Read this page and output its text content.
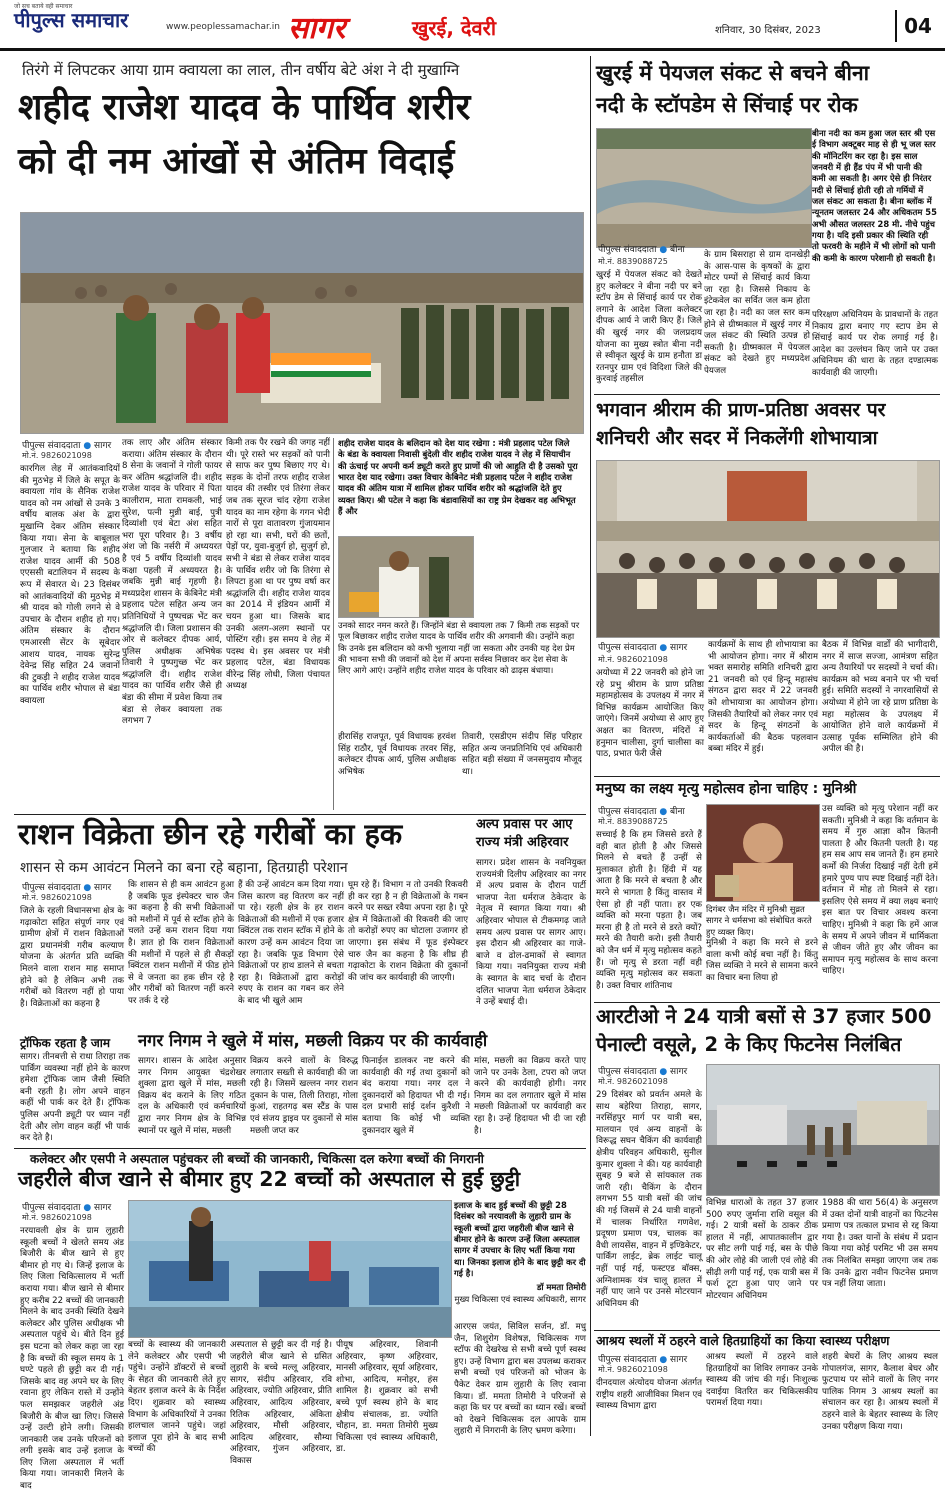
जो सच बताये वही समाचार
पीपुल्स समाचार	www.peoplessamachar.in सागर	खुरई, देवरी	शनिवार, 30 दिसंबर, 2023	04
तिरंगे में लिपटकर आया ग्राम क्वायला का लाल, तीन वर्षीय बेटे अंश ने दी मुखाग्नि
शहीद राजेश यादव के पार्थिव शरीर
को दी नम आंखों से अंतिम विदाई
पीपुल्स संवाददाता ● सागर
मो.नं. 9826021098
कारगिल लेह में आतंकवादियों की मुठभेड़ में जिले के सपूत के क्वायला गांव के सैनिक राजेश यादव को नम आंखों से उनके 3 वर्षीय बालक अंश के द्वारा मुखाग्नि देकर अंतिम संस्कार किया गया। सेना के बाबूलाल गुलजार ने बताया कि शहीद राजेश यादव आर्मी की 508 एएससी बटालियन में सदस्य के रूप में सेवारत थे। 23 दिसंबर को आतंकवादियों की मुठभेड़ में श्री यादव को गोली लगने से वे उपचार के दौरान शहीद हो गए। अंतिम संस्कार के दौरान एमआरसी सेंटर के सूबेदार आशय यादव, नायक सुरेन्द्र देवेन्द्र सिंह सहित 24 जवानों की टुकड़ी ने शहीद राजेश यादव का पार्थिव शरीर भोपाल से बंडा क्वायला
तक लाए और अंतिम संस्कार कराया। अंतिम संस्कार के दौरान 8 सेना के जवानों ने गोली फायर कर अंतिम श्रद्धांजलि दी। शहीद राजेश यादव के परिवार में पिता कालीराम, माता रामकली, भाई सुरेश, पत्नी मुन्नी बाई, पुत्री दिव्यांशी एवं बेटा अंश सहित भरा पूरा परिवार है। 3 वर्षीय अंश जो कि नर्सरी में अध्ययरत है एवं 5 वर्षीय दिव्यांशी यादव कक्षा पहली में अध्ययरत है। जबकि मुन्नी बाई गृहणी है। मध्यप्रदेश शासन के केबिनेट मंत्री प्रहलाद पटेल सहित अन्य जन प्रतिनिधियों ने पुष्पचक्र भेंट कर श्रद्धांजलि दी। जिला प्रशासन की ओर से कलेक्टर दीपक आर्य, पुलिस अधीक्षक अभिषेक तिवारी ने पुष्पगुच्छ भेंट कर श्रद्धांजलि दी। शहीद राजेश यादव का पार्थिव शरीर जैसे ही बंडा की सीमा में प्रवेश किया तब बंडा से लेकर क्वायला तक लगभग 7
किमी तक पैर रखने की जगह नहीं थी। पूरे रास्ते भर सड़कों को पानी से साफ कर पुष्प बिछाए गए थे। सड़क के दोनों तरफ शहीद राजेश यादव की तस्वीर एवं तिरंगा लेकर जब तक सूरज चांद रहेगा राजेश यादव का नाम रहेगा के गगन भेदी नारों से पूरा वातावरण गुंजायमान हो रहा था। सभी, घरों की छतों, पेड़ों पर, युवा-बुजुर्ग हो, सुजुर्ग हो, सभी ने बंडा से लेकर राजेश यादव के पार्थिव शरीर जो कि तिरंगा से लिपटा हुआ था पर पुष्प वर्षा कर श्रद्धांजलि दी। शहीद राजेश यादव का 2014 में इंडियन आर्मी में चयन हुआ था। जिसके बाद उनकी अलग-अलग स्थानों पर पोस्टिंग रही। इस समय वे लेह में पदस्थ थे। इस अवसर पर मंत्री प्रहलाद पटेल, बंडा विधायक वीरेन्द्र सिंह लोधी, जिला पंचायत अध्यक्ष
शहीद राजेश यादव के बलिदान को देश याद रखेगा : मंत्री प्रहलाद पटेल जिले के बंडा के क्वायला निवासी बुंदेली वीर शहीद राजेश यादव ने लेह में सियाचीन की ऊंचाई पर अपनी कर्म ड्यूटी करते हुए प्राणों की जो आहुति दी है उसको पूरा भारत देश याद रखेगा। उक्त विचार केबिनेट मंत्री प्रहलाद पटेल ने शहीद राजेश यादव की अंतिम यात्रा में शामिल होकर पार्थिव शरीर को श्रद्धांजलि देते हुए व्यक्त किए। श्री पटेल ने कहा कि बंडावासियों का राष्ट्र प्रेम देखकर वह अभिभूत हैं और
उनको सादर नमन करते हैं। जिन्होंने बंडा से क्वायला तक 7 किमी तक सड़कों पर फूल बिछाकर शहीद राजेश यादव के पार्थिव शरीर की अगवानी की। उन्होंने कहा कि उनके इस बलिदान को कभी भुलाया नहीं जा सकता और उनकी यह देश प्रेम की भावना सभी की जवानों को देश में अपना सर्वस्व निछावर कर देश सेवा के लिए आगे आएं। उन्होंने शहीद राजेश यादव के परिवार को ढाढ़स बंधाया।
हीरासिंह राजपूत, पूर्व विधायक हरवंश सिंह राठौर, पूर्व विधायक तरवर सिंह, कलेक्टर दीपक आर्य, पुलिस अधीक्षक अभिषेक
तिवारी, एसडीएम संदीप सिंह परिहार सहित अन्य जनप्रतिनिधि एवं अधिकारी सहित बड़ी संख्या में जनसमुदाय मौजूद था।
खुरई में पेयजल संकट से बचने बीना
नदी के स्टॉपडेम से सिंचाई पर रोक
बीना नदी का कम हुआ जल स्तर श्री एस ई विभाग अक्टूबर माह से ही भू जल स्तर की मॉनिटरिंग कर रहा है। इस साल जनवरी में ही हैंड पंप में भी पानी की कमी आ सकती है। अगर ऐसे ही निरंतर नदी से सिंचाई होती रही तो गर्मियों में जल संकट आ सकता है। बीना ब्लॉक में न्यूनतम जलस्तर 24 और अधिकतम 55 अभी औसत जलस्तर 28 मी. नीचे पहुंच गया है। यदि इसी प्रकार की स्थिति रही तो फरवरी के महीने में भी लोगों को पानी की कमी के कारण परेशानी हो सकती है।
पीपुल्स संवाददाता ● बीना
मो.नं. 8839088725
खुरई में पेयजल संकट को देखते हुए कलेक्टर ने बीना नदी पर बने स्टॉप डेम से सिंचाई कार्य पर रोक लगाने के आदेश जिला कलेक्टर दीपक आर्य ने जारी किए हैं। जिले की खुरई नगर की जलप्रदाय योजना का मुख्य स्त्रोत बीना नदी से स्वीकृत खुरई के ग्राम हनौता डा रतनपुर ग्राम एवं विदिशा जिले की कुरवाई तहसील
के ग्राम बिसराहा से ग्राम दानखेड़ी के आस-पास के कृषकों के द्वारा मोटर पम्पों से सिंचाई कार्य किया जा रहा है। जिससे निकाय के इंटेकवेल का सर्वित जल कम होता जा रहा है। नदी का जल स्तर कम होने से ग्रीष्मकाल में खुरई नगर में जल संकट की स्थिति उत्पन्न हो सकती है। ग्रीष्मकाल में पेयजल संकट को देखते हुए मध्यप्रदेश पेयजल
परिरक्षण अधिनियम के प्रावधानों के तहत निकाय द्वारा बनाए गए स्टाप डेम से सिंचाई कार्य पर रोक लगाई गई है। आदेश का उल्लंघन किए जाने पर उक्त अधिनियम की धारा के तहत दण्डात्मक कार्यवाही की जाएगी।
भगवान श्रीराम की प्राण-प्रतिष्ठा अवसर पर
शनिचरी और सदर में निकलेंगी शोभायात्रा
पीपुल्स संवाददाता ● सागर
मो.नं. 9826021098
अयोध्या में 22 जनवरी को होने जा रहे प्रभु श्रीराम के प्राण प्रतिष्ठा महामहोत्सव के उपलक्ष्य में नगर में विभिन्न कार्यक्रम आयोजित किए जाएंगे। जिनमें अयोध्या से आए हुए अक्षत का वितरण, मंदिरों में हनुमान चालीसा, दुर्गा चालीसा का पाठ, प्रभात फेरी जैसे
कार्यक्रमों के साथ ही शोभायात्रा का भी आयोजन होगा। नगर में श्रीराम भक्त समारोह समिति शनिचरी द्वारा 21 जनवरी को एवं हिन्दू महासंघ संगठन द्वारा सदर में 22 जनवरी को शोभायात्रा का आयोजन होगा। जिसकी तैयारियों को लेकर नगर एवं सदर के हिन्दू संगठनों के कार्यकर्ताओं की बैठक पहलवान बब्बा मंदिर में हुई।
बैठक में विभिन्न वार्डों की भागीदारी, नगर में साज सज्जा, आमंत्रण सहित अन्य तैयारियों पर सदस्यों ने चर्चा की। कार्यक्रम को भव्य बनाने पर भी चर्चा हुई। समिति सदस्यों ने नगरवासियों से अयोध्या में होने जा रहे प्राण प्रतिष्ठा के महा महोत्सव के उपलक्ष्य में आयोजित होने वाले कार्यक्रमों में उत्साह पूर्वक सम्मिलित होने की अपील की है।
मनुष्य का लक्ष्य मृत्यु महोत्सव होना चाहिए : मुनिश्री
पीपुल्स संवाददाता ● बीना
मो.नं. 8839088725
सच्चाई है कि हम जिससे डरते हैं वही बात होती है और जिससे मिलने से बचते हैं उन्हीं से मुलाकात होती है। हिंदी में यह आता है कि मरने से बचता है और मरने से भागता है किंतु वास्तव में ऐसा हो ही नहीं पाता। हर एक व्यक्ति को मरना पड़ता है। जब मरना ही है तो मरने से डरते क्यों? मरने की तैयारी करो। इसी तैयारी को जैन धर्म में मृत्यु महोत्सव कहते हैं। जो मृत्यु से डरता नहीं वही व्यक्ति मृत्यु महोत्सव कर सकता है। उक्त विचार शांतिनाथ
दिगंबर जैन मंदिर में मुनिश्री सुव्रत सागर ने धर्मसभा को संबोधित करते हुए व्यक्त किए।
मुनिश्री ने कहा कि मरने से डरने वाला कभी कोई बचा नहीं है। किंतु जिस व्यक्ति ने मरने से सामना करने का विचार बना लिया हो
उस व्यक्ति को मृत्यु परेशान नहीं कर सकती। मुनिश्री ने कहा कि वर्तमान के समय में गुरु आज्ञा कौन कितनी पालता है और कितनी पलती है। यह हम सब आप सब जानते हैं। हम हमारे कर्मों की निर्जरा दिखाई नहीं देती हमें हमारे पुण्य पाप स्पष्ट दिखाई नहीं देते। वर्तमान में मोह तो मिलने से रहा। इसलिए ऐसे समय में क्या लक्ष्य बनाएं इस बात पर विचार अवश्य करना चाहिए। मुनिश्री ने कहा कि हमें आज के समय में अपने जीवन में धार्मिकता से जीवन जीते हुए और जीवन का समापन मृत्यु महोत्सव के साथ करना चाहिए।
आरटीओ ने 24 यात्री बसों से 37 हजार 500
पेनाल्टी वसूले, 2 के किए फिटनेस निलंबित
पीपुल्स संवाददाता ● सागर
मो.नं. 9826021098
29 दिसंबर को प्रवर्तन अमले के साथ बहेरिया तिराहा, सागर, नरसिंहपुर मार्ग पर यात्री बस, मालयान एवं अन्य वाहनों के विरूद्ध सघन चैकिंग की कार्यवाही क्षेत्रीय परिवहन अधिकारी, सुनील कुमार शुक्ला ने की। यह कार्यवाही सुबह 9 बजे से सांयकाल तक जारी रही। चैकिंग के दौरान लगभग 55 यात्री बसों की जांच की गई जिसमें से 24 यात्री वाहनों में चालक निर्धारित गणवेश, प्रदूषण प्रमाण पत्र, चालक का वैधी लायसेंस, वाहन में इण्डिकेटर, पार्किंग लाईट, ब्रेक लाईट चालू नहीं पाई गई, फस्टएड बॉक्स, अग्निशामक यंत्र चालू हालत में नहीं पाए जाने पर उनसे मोटरयान अधिनियम की
विभिन्न धाराओं के तहत 37 हजार 500 रुपए जुर्माना राशि वसूल की गई। 2 यात्री बसों के ठाकर ठीक हालत में नहीं, आपातकालीन द्वार पर सीट लगी पाई गई, बस के पीछे की ओर लोहे की जाली एवं लोहे की सीढ़ी लगी पाई गई, एक यात्री बस में फर्श टूटा हुआ पाए जाने पर मोटरयान अधिनियम
1988 की धारा 56(4) के अनुसरण में उक्त दोनों यात्री वाहनों का फिटनेस प्रमाण पत्र तत्काल प्रभाव से रद्द किया गया है। उक्त यानों के संबंध में प्रदान किया गया कोई परमिट भी उस समय तक निलंबित समझा जाएगा जब तक कि उनके द्वारा नवीन फिटनेस प्रमाण पत्र नहीं लिया जाता।
आश्रय स्थलों में ठहरने वाले हितग्राहियों का किया स्वास्थ्य परीक्षण
पीपुल्स संवाददाता ● सागर
मो.नं. 9826021098
दीनदयाल अंत्योदय योजना अंतर्गत राष्ट्रीय शहरी आजीविका मिशन एवं स्वास्थ्य विभाग द्वारा
आश्रय स्थलों में ठहरने वाले हितग्राहियों का शिविर लगाकर उनके स्वास्थ्य की जांच की गई। निःशुल्क दवाईया वितरित कर चिकित्सकीय परामर्श दिया गया।
शहरी बेघरों के लिए आश्रय स्थल गोपालगंज, सागर, कैलाश बेघर और फुटपाथ पर सोने वालों के लिए नगर पालिक निगम 3 आश्रय स्थलों का संचालन कर रहा है। आश्रय स्थलों में ठहरने वाले के बेहतर स्वास्थ्य के लिए उनका परीक्षण किया गया।
राशन विक्रेता छीन रहे गरीबों का हक
शासन से कम आवंटन मिलने का बना रहे बहाना, हितग्राही परेशान
पीपुल्स संवाददाता ● सागर
मो.नं. 9826021098
जिले के रहली विधानसभा क्षेत्र के गढ़ाकोटा सहित संपूर्ण नगर एवं ग्रामीण क्षेत्रों में राशन विक्रेताओं द्वारा प्रधानमंत्री गरीब कल्याण योजना के अंतर्गत प्रति व्यक्ति मिलने वाला राशन माह समाप्त होने को है लेकिन अभी तक गरीबों को वितरण नहीं हो पाया है। विक्रेताओं का कहना है
कि शासन से ही कम आवंटन हुआ है जबकि फूड इंस्पेक्टर चारु जैन का कहना है की सभी विक्रेताओं को मशीनों में पूर्व से स्टॉक होने के चलते उन्हें कम राशन दिया गया है। ज्ञात हो कि राशन विक्रेताओं की मशीनों में पहले से ही सैकड़ों क्विंटल राशन मशीनों में फीड होने से वे जनता का हक छीन रहे है और गरीबों को वितरण नहीं करने पर तर्क दे रहे
हैं की उन्हें आवंटन कम दिया गया। जिस कारण वह वितरण कर नहीं पा रहे। रहली क्षेत्र के हर राशन विक्रेताओं की मशीनों में एक हजार क्विंटल तक राशन स्टॉक में होने के कारण उन्हें कम आवंटन दिया जा रहा है। जबकि फूड विभाग ऐसे विक्रेताओं पर हाथ डालने से बचता रहा है। विक्रेताओं द्वारा करोड़ों रुपए के राशन का गबन कर लेने के बाद भी खुले आम
घूम रहे हैं। विभाग न तो उनकी रिकवरी ही कर रहा है न ही विक्रेताओं के गबन करने पर सख्त रवैया अपना रहा है। पूरे क्षेत्र में विक्रेताओं की रिकवरी की जाए तो करोड़ों रुपए का घोटाला उजागर हो जाएगा। इस संबंध में फूड इंस्पेक्टर चारु जैन का कहना है कि शीघ्र ही गढ़ाकोटा के राशन विक्रेता की दुकानों की जांच कर कार्यवाही की जाएगी।
अल्प प्रवास पर आए
राज्य मंत्री अहिरवार
सागर। प्रदेश शासन के नवनियुक्त राज्यमंत्री दिलीप अहिरवार का नगर में अल्प प्रवास के दौरान पार्टी भाजपा नेता धर्मराज ठेकेदार के नेतृत्व में स्वागत किया गया। श्री अहिरवार भोपाल से टीकमगढ़ जाते समय अल्प प्रवास पर सागर आए। इस दौरान श्री अहिरवार का गाजे-बाजे व ढोल-ढमाकों से स्वागत किया गया। नवनियुक्त राज्य मंत्री के स्वागत के बाद चर्चा के दौरान दलित भाजपा नेता धर्मराज ठेकेदार ने उन्हें बधाई दी।
ट्रॉफिक रहता है जाम
सागर। तीनबत्ती से राधा तिराहा तक पार्किंग व्यवस्था नहीं होने के कारण हमेशा ट्रॉफिक जाम जैसी स्थिति बनी रहती है। लोग अपने वाहन कहीं भी पार्क कर देते हैं। ट्रॉफिक पुलिस अपनी ड्यूटी पर ध्यान नहीं देती और लोग वाहन कहीं भी पार्क कर देते है।
नगर निगम ने खुले में मांस, मछली विक्रय पर की कार्यवाही
सागर। शासन के आदेश अनुसार नगर निगम आयुक्त चंद्रशेखर शुक्ला द्वारा खुले में मांस, मछली विक्रय बंद कराने के लिए गठित दल के अधिकारी एवं कर्मचारियों द्वारा नगर निगम क्षेत्र के विभिन्न स्थानों पर खुले में मांस, मछली
विक्रय करने वालों के विरुद्ध लगातार सख्ती से कार्यवाही की जा रही है। जिसमें खल्लन नगर राशन दुकान के पास, तिली तिराहा, गोला कुआं, राहतगढ़ बस स्टैंड के पास एवं संजय ड्राइव पर दुकानों से मांस मछली जप्त कर
फिनाईल डालकर नष्ट करने की कार्यवाही की गई तथा दुकानों को बंद कराया गया। नगर दल ने दुकानदारों को हिदायत भी दी गई। दल प्रभारी सांई दर्शन कुरैशी ने बताया कि कोई भी व्यक्ति दुकानदार खुले में
मांस, मछली का विक्रय करते पाए जाने पर उनके ठेला, टपरा को जप्त करने की कार्यवाही होगी। नगर निगम का दल लगातार खुले में मांस मछली विक्रेताओं पर कार्यवाही कर रहा है। उन्हें हिदायत भी दी जा रही है।
कलेक्टर और एसपी ने अस्पताल पहुंचकर ली बच्चों की जानकारी, चिकित्सा दल करेगा बच्चों की निगरानी
जहरीले बीज खाने से बीमार हुए 22 बच्चों को अस्पताल से हुई छुट्टी
पीपुल्स संवाददाता ● सागर
मो.नं. 9826021098
नरयावली क्षेत्र के ग्राम लुहारी स्कूली बच्चों ने खेलते समय अंड बिजौरी के बीज खाने से हुए बीमार हो गए थे। जिन्हें इलाज के लिए जिला चिकित्सालय में भर्ती कराया गया। बीज खाने से बीमार हुए करीब 22 बच्चों की जानकारी मिलने के बाद उनकी स्थिति देखने कलेक्टर और पुलिस अधीक्षक भी अस्पताल पहुंचे थे। बीते दिन हुई इस घटना को लेकर कहा जा रहा है कि बच्चों की स्कूल समय के 1 घण्टे पहले ही छुट्टी कर दी गई। जिसके बाद वह अपने घर के लिए रवाना हुए लेकिन रास्ते में उन्होंने फल समझकर जहरीले अंड बिजौरी के बीज खा लिए। जिससे उन्हें उल्टी होने लगी। जिसकी जानकारी जब उनके परिजनों को लगी इसके बाद उन्हें इलाज के लिए जिला अस्पताल में भर्ती किया गया। जानकारी मिलने के बाद
बच्चों के स्वास्थ्य की जानकारी लेने कलेक्टर और एसपी भी पहुंचे। उन्होंने डॉक्टरों से बच्चों के सेहत की जानकारी लेते हुए बेहतर इलाज करने के के निर्देश दिए। शुक्रवार को स्वास्थ्य विभाग के अधिकारियों ने उनका हालचाल जानने पहुंचे। जहां इलाज पूरा होने के बाद सभी बच्चों की
अस्पताल से छुट्टी कर दी गई है। जहरीले बीज खाने से ग्रसित लुहारी के बच्चे मल्लू अहिरवार, सागर, संदीप अहिरवार, रवि अहिरवार, ज्योति अहिरवार, प्रीति अहिरवार, आदित्य अहिरवार, रितिक अहिरवार, अंकिता अहिरवार, मौसी अहिरवार, आदित्य अहिरवार, सौम्या अहिरवार, गुंजन अहिरवार, विकास
पीयूष अहिरवार, शिवानी अहिरवार, कृष्ण अहिरवार, मानसी अहिरवार, सूर्या अहिरवार, शोभा, आदित्य, मनोहर, हंस शामिल है। शुक्रवार को सभी बच्चे पूर्ण स्वस्थ होने के बाद क्षेत्रीय संचालक, डा. ज्योति चौहान, डा. ममता तिमोरी मुख्य चिकित्सा एवं स्वास्थ्य अधिकारी, डा.
इलाज के बाद हुई बच्चों की छुट्टी 28 दिसंबर को नरयावली के लुहारी ग्राम के स्कूली बच्चों द्वारा जहरीली बीज खाने से बीमार होने के कारण उन्हें जिला अस्पताल सागर में उपचार के लिए भर्ती किया गया था। जिनका इलाज होने के बाद छुट्टी कर दी गई है।
डॉ ममता तिमोरी
मुख्य चिकित्सा एवं स्वास्थ्य अधिकारी, सागर
आरएस जयंत, सिविल सर्जन, डॉ. मधु जैन, शिशुरोग विशेषज्ञ, चिकित्सक गण स्टॉफ की देखरेख से सभी बच्चे पूर्ण स्वस्थ हुए। उन्हें विभाग द्वारा बस उपलब्ध कराकर सभी बच्चों एवं परिजनों को भोजन के पैकेट देकर ग्राम लुहारी के लिए रवाना किया। डॉ. ममता तिमोरी ने परिजनों से कहा कि घर पर बच्चों का ध्यान रखें। बच्चों को देखने चिकित्सक दल आपके ग्राम लुहारी में निगरानी के लिए भ्रमण करेगा।
